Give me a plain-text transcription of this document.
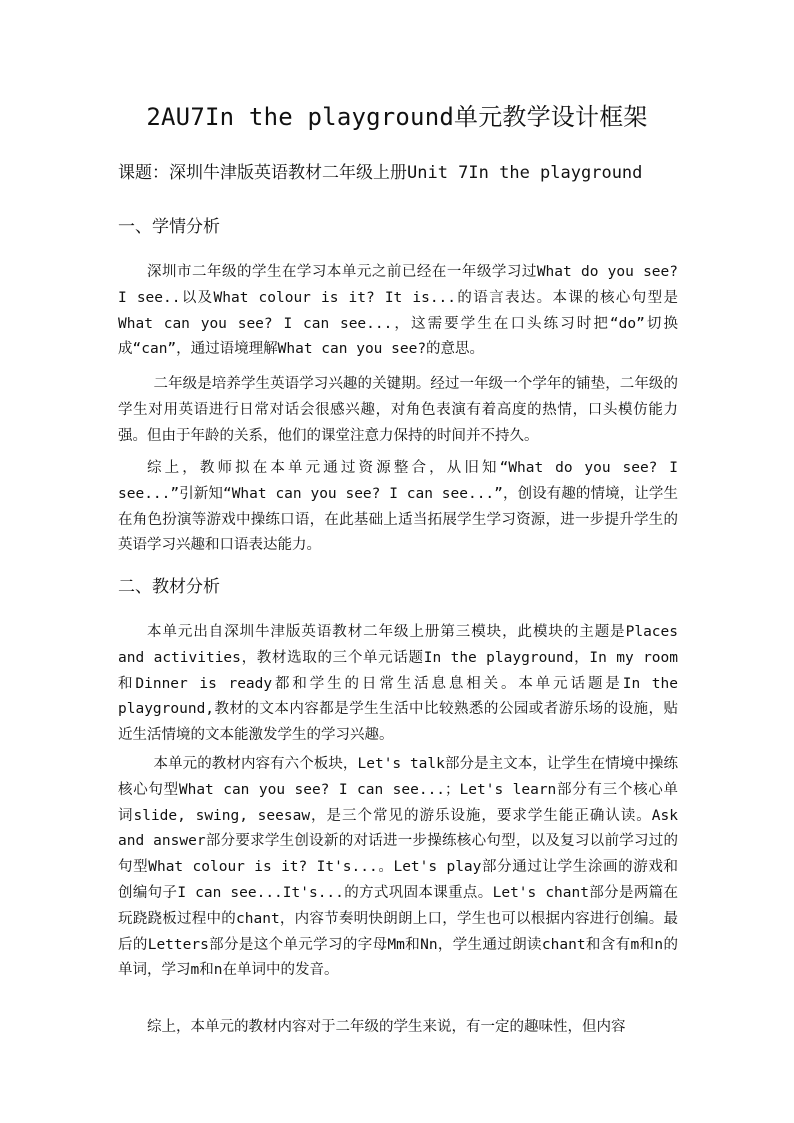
2AU7In the playground单元教学设计框架
课题：深圳牛津版英语教材二年级上册Unit 7In the playground
一、学情分析
深圳市二年级的学生在学习本单元之前已经在一年级学习过What do you see? I see..以及What colour is it? It is...的语言表达。本课的核心句型是What can you see? I can see...，这需要学生在口头练习时把“do”切换成“can”，通过语境理解What can you see?的意思。
二年级是培养学生英语学习兴趣的关键期。经过一年级一个学年的铺垫，二年级的学生对用英语进行日常对话会很感兴趣，对角色表演有着高度的热情，口头模仿能力强。但由于年龄的关系，他们的课堂注意力保持的时间并不持久。
综上，教师拟在本单元通过资源整合，从旧知“What do you see? I see...”引新知“What can you see? I can see...”，创设有趣的情境，让学生在角色扮演等游戏中操练口语，在此基础上适当拓展学生学习资源，进一步提升学生的英语学习兴趣和口语表达能力。
二、教材分析
本单元出自深圳牛津版英语教材二年级上册第三模块，此模块的主题是Places and activities，教材选取的三个单元话题In the playground，In my room和Dinner is ready都和学生的日常生活息息相关。本单元话题是In the playground,教材的文本内容都是学生生活中比较熟悉的公园或者游乐场的设施，贴近生活情境的文本能激发学生的学习兴趣。
本单元的教材内容有六个板块，Let's talk部分是主文本，让学生在情境中操练核心句型What can you see? I can see...；Let's learn部分有三个核心单词slide, swing, seesaw，是三个常见的游乐设施，要求学生能正确认读。Ask and answer部分要求学生创设新的对话进一步操练核心句型，以及复习以前学习过的句型What colour is it? It's...。Let's play部分通过让学生涂画的游戏和创编句子I can see...It's...的方式巩固本课重点。Let's chant部分是两篇在玩跷跷板过程中的chant，内容节奏明快朗朗上口，学生也可以根据内容进行创编。最后的Letters部分是这个单元学习的字母Mm和Nn，学生通过朗读chant和含有m和n的单词，学习m和n在单词中的发音。
综上，本单元的教材内容对于二年级的学生来说，有一定的趣味性，但内容
